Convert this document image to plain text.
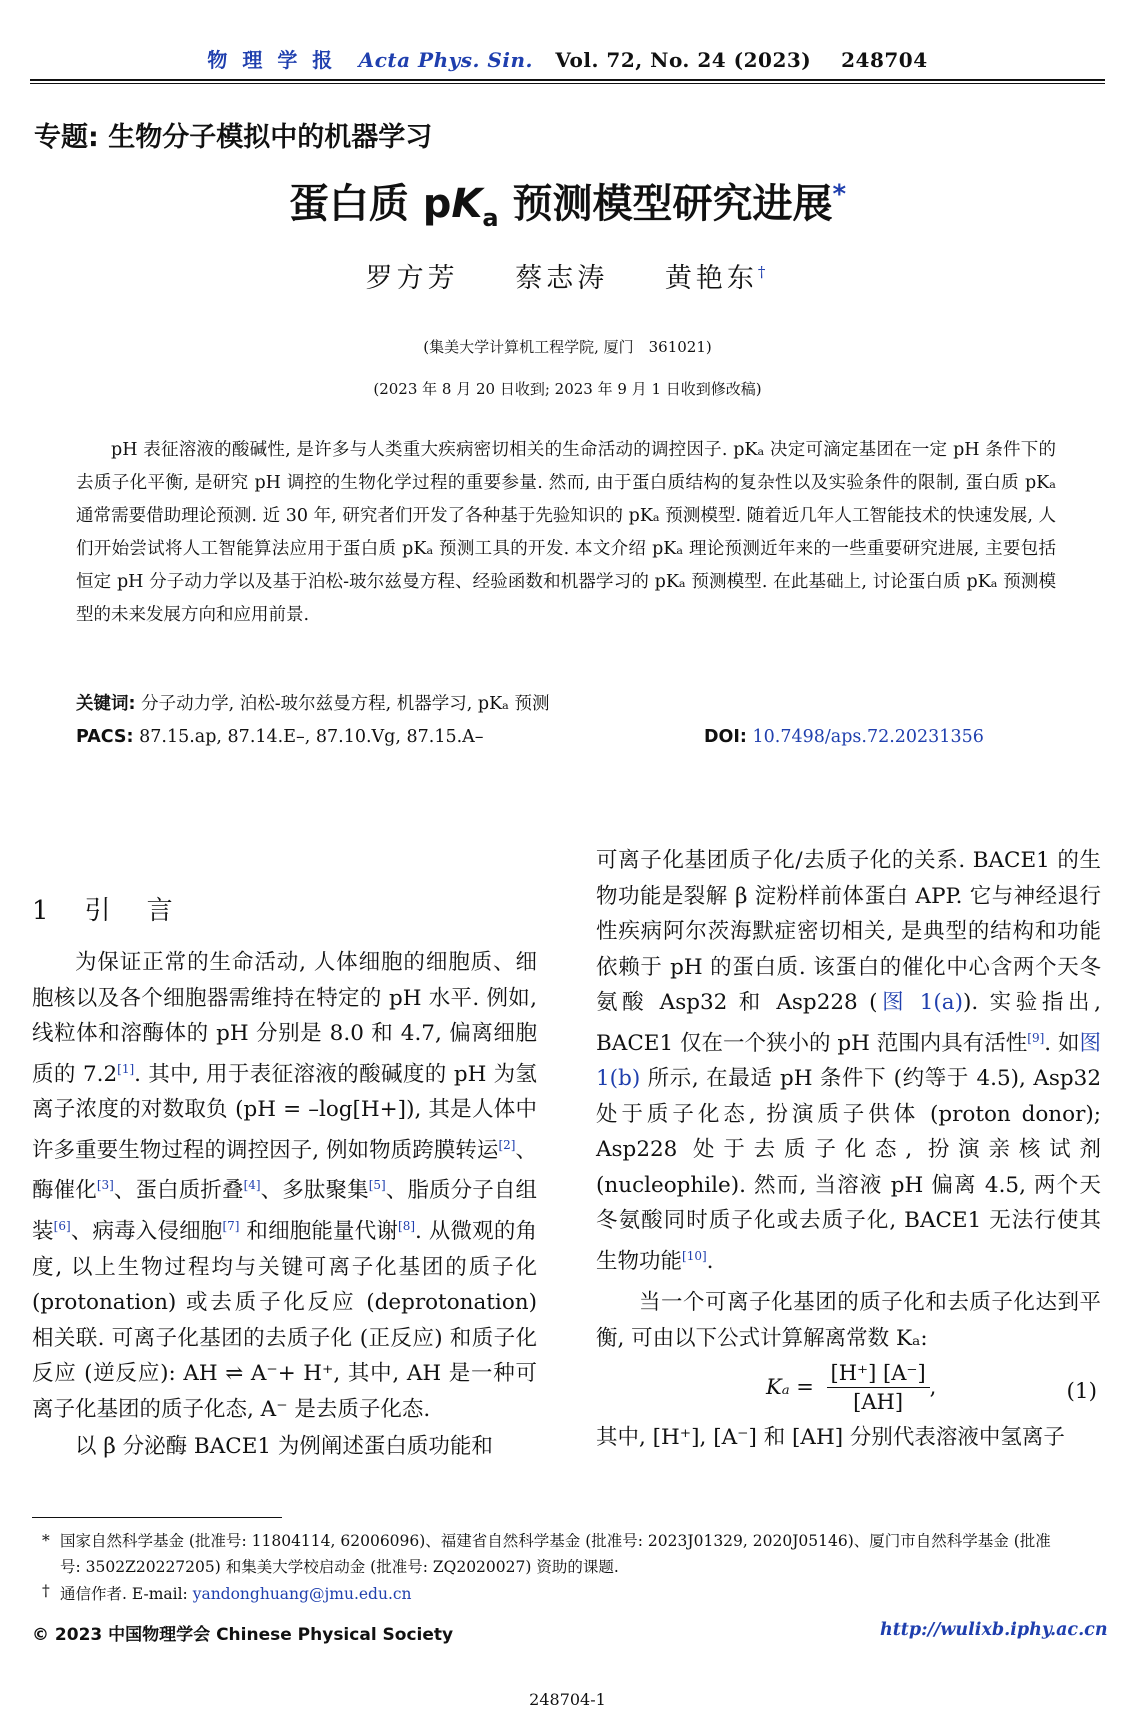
物 理 学 报 Acta Phys. Sin. Vol. 72, No. 24 (2023) 248704
专题: 生物分子模拟中的机器学习
蛋白质 $pK_a$ 预测模型研究进展*
罗方芳 蔡志涛 黄艳东†
(集美大学计算机工程学院, 厦门　361021)
(2023 年 8 月 20 日收到; 2023 年 9 月 1 日收到修改稿)
pH 表征溶液的酸碱性, 是许多与人类重大疾病密切相关的生命活动的调控因子. pKₐ 决定可滴定基团在一定 pH 条件下的去质子化平衡, 是研究 pH 调控的生物化学过程的重要参量. 然而, 由于蛋白质结构的复杂性以及实验条件的限制, 蛋白质 pKₐ 通常需要借助理论预测. 近 30 年, 研究者们开发了各种基于先验知识的 pKₐ 预测模型. 随着近几年人工智能技术的快速发展, 人们开始尝试将人工智能算法应用于蛋白质 pKₐ 预测工具的开发. 本文介绍 pKₐ 理论预测近年来的一些重要研究进展, 主要包括恒定 pH 分子动力学以及基于泊松-玻尔兹曼方程、经验函数和机器学习的 pKₐ 预测模型. 在此基础上, 讨论蛋白质 pKₐ 预测模型的未来发展方向和应用前景.
关键词: 分子动力学, 泊松-玻尔兹曼方程, 机器学习, pKₐ 预测
PACS: 87.15.ap, 87.14.E–, 87.10.Vg, 87.15.A–	DOI: 10.7498/aps.72.20231356
1 引 言

为保证正常的生命活动, 人体细胞的细胞质、细胞核以及各个细胞器需维持在特定的 pH 水平. 例如, 线粒体和溶酶体的 pH 分别是 8.0 和 4.7, 偏离细胞质的 7.2[1]. 其中, 用于表征溶液的酸碱度的 pH 为氢离子浓度的对数取负 (pH = –log[H+]), 其是人体中许多重要生物过程的调控因子, 例如物质跨膜转运[2]、酶催化[3]、蛋白质折叠[4]、多肽聚集[5]、脂质分子自组装[6]、病毒入侵细胞[7] 和细胞能量代谢[8]. 从微观的角度, 以上生物过程均与关键可离子化基团的质子化 (protonation) 或去质子化反应 (deprotonation) 相关联. 可离子化基团的去质子化 (正反应) 和质子化反应 (逆反应): AH ⇌ A⁻+ H⁺, 其中, AH 是一种可离子化基团的质子化态, A⁻ 是去质子化态.

以 β 分泌酶 BACE1 为例阐述蛋白质功能和

可离子化基团质子化/去质子化的关系. BACE1 的生物功能是裂解 β 淀粉样前体蛋白 APP. 它与神经退行性疾病阿尔茨海默症密切相关, 是典型的结构和功能依赖于 pH 的蛋白质. 该蛋白的催化中心含两个天冬氨酸 Asp32 和 Asp228 (图 1(a)). 实验指出, BACE1 仅在一个狭小的 pH 范围内具有活性[9]. 如图 1(b) 所示, 在最适 pH 条件下 (约等于 4.5), Asp32 处于质子化态, 扮演质子供体 (proton donor); Asp228 处于去质子化态, 扮演亲核试剂 (nucleophile). 然而, 当溶液 pH 偏离 4.5, 两个天冬氨酸同时质子化或去质子化, BACE1 无法行使其生物功能[10].

当一个可离子化基团的质子化和去质子化达到平衡, 可由以下公式计算解离常数 Kₐ:

$K_a = \frac{[H^+] [A^-]}{[AH]}$ ,	(1)

其中, [H⁺], [A⁻] 和 [AH] 分别代表溶液中氢离子

* 国家自然科学基金 (批准号: 11804114, 62006096)、福建省自然科学基金 (批准号: 2023J01329, 2020J05146)、厦门市自然科学基金 (批准号: 3502Z20227205) 和集美大学校启动金 (批准号: ZQ2020027) 资助的课题.
† 通信作者. E-mail: yandonghuang@jmu.edu.cn
© 2023 中国物理学会 Chinese Physical Society	http://wulixb.iphy.ac.cn
248704-1
